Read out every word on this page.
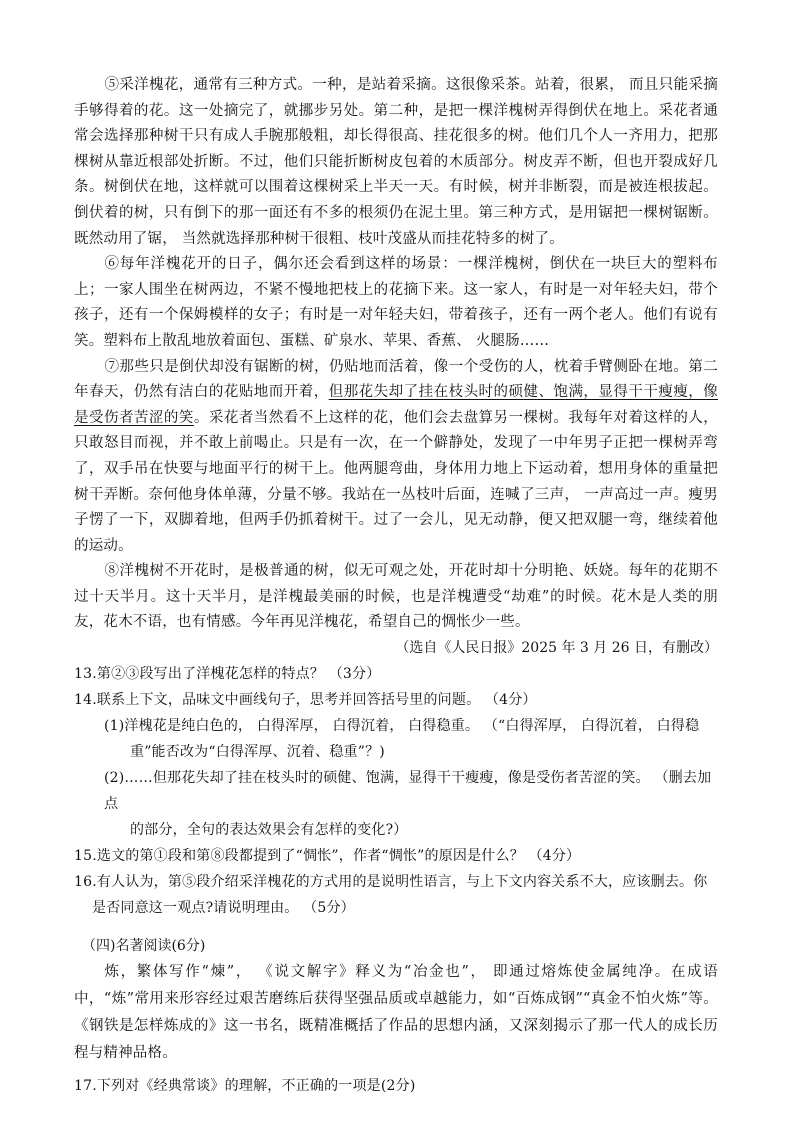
⑤采洋槐花，通常有三种方式。一种，是站着采摘。这很像采茶。站着，很累， 而且只能采摘手够得着的花。这一处摘完了，就挪步另处。第二种，是把一棵洋槐树弄得倒伏在地上。采花者通常会选择那种树干只有成人手腕那般粗，却长得很高、挂花很多的树。他们几个人一齐用力，把那棵树从靠近根部处折断。不过，他们只能折断树皮包着的木质部分。树皮弄不断，但也开裂成好几条。树倒伏在地，这样就可以围着这棵树采上半天一天。有时候，树并非断裂，而是被连根拔起。倒伏着的树，只有倒下的那一面还有不多的根须仍在泥土里。第三种方式，是用锯把一棵树锯断。既然动用了锯， 当然就选择那种树干很粗、枝叶茂盛从而挂花特多的树了。

⑥每年洋槐花开的日子，偶尔还会看到这样的场景：一棵洋槐树，倒伏在一块巨大的塑料布上；一家人围坐在树两边，不紧不慢地把枝上的花摘下来。这一家人，有时是一对年轻夫妇，带个孩子，还有一个保姆模样的女子；有时是一对年轻夫妇，带着孩子，还有一两个老人。他们有说有笑。塑料布上散乱地放着面包、蛋糕、矿泉水、苹果、香蕉、 火腿肠……

⑦那些只是倒伏却没有锯断的树，仍贴地而活着，像一个受伤的人，枕着手臂侧卧在地。第二年春天，仍然有洁白的花贴地而开着，但那花失却了挂在枝头时的硕健、饱满，显得干干瘦瘦，像是受伤者苦涩的笑。采花者当然看不上这样的花，他们会去盘算另一棵树。我每年对着这样的人，只敢怒目而视，并不敢上前喝止。只是有一次，在一个僻静处，发现了一中年男子正把一棵树弄弯了，双手吊在快要与地面平行的树干上。他两腿弯曲，身体用力地上下运动着，想用身体的重量把树干弄断。奈何他身体单薄，分量不够。我站在一丛枝叶后面，连喊了三声， 一声高过一声。瘦男子愣了一下，双脚着地，但两手仍抓着树干。过了一会儿，见无动静，便又把双腿一弯，继续着他的运动。

⑧洋槐树不开花时，是极普通的树，似无可观之处，开花时却十分明艳、妖娆。每年的花期不过十天半月。这十天半月，是洋槐最美丽的时候，也是洋槐遭受“劫难”的时候。花木是人类的朋友，花木不语，也有情感。今年再见洋槐花，希望自己的惆怅少一些。

（选自《人民日报》2025 年 3 月 26 日，有删改）

13.第②③段写出了洋槐花怎样的特点？ （3分）

14.联系上下文，品味文中画线句子，思考并回答括号里的问题。 （4分）

(1)洋槐花是纯白色的， 白得浑厚， 白得沉着， 白得稳重。 （“白得浑厚， 白得沉着， 白得稳

重”能否改为“白得浑厚、沉着、稳重”？)

(2)……但那花失却了挂在枝头时的硕健、饱满，显得干干瘦瘦，像是受伤者苦涩的笑。 （删去加点

的部分，全句的表达效果会有怎样的变化?）

15.选文的第①段和第⑧段都提到了“惆怅”，作者“惆怅”的原因是什么？ （4分）

16.有人认为，第⑤段介绍采洋槐花的方式用的是说明性语言，与上下文内容关系不大，应该删去。你

是否同意这一观点?请说明理由。 （5分）

（四)名著阅读(6分)

炼，繁体写作“煉”， 《说文解字》释义为“冶金也”， 即通过熔炼使金属纯净。在成语中，“炼”常用来形容经过艰苦磨练后获得坚强品质或卓越能力，如“百炼成钢”“真金不怕火炼”等。 《钢铁是怎样炼成的》这一书名，既精准概括了作品的思想内涵，又深刻揭示了那一代人的成长历程与精神品格。

17.下列对《经典常谈》的理解，不正确的一项是(2分)
